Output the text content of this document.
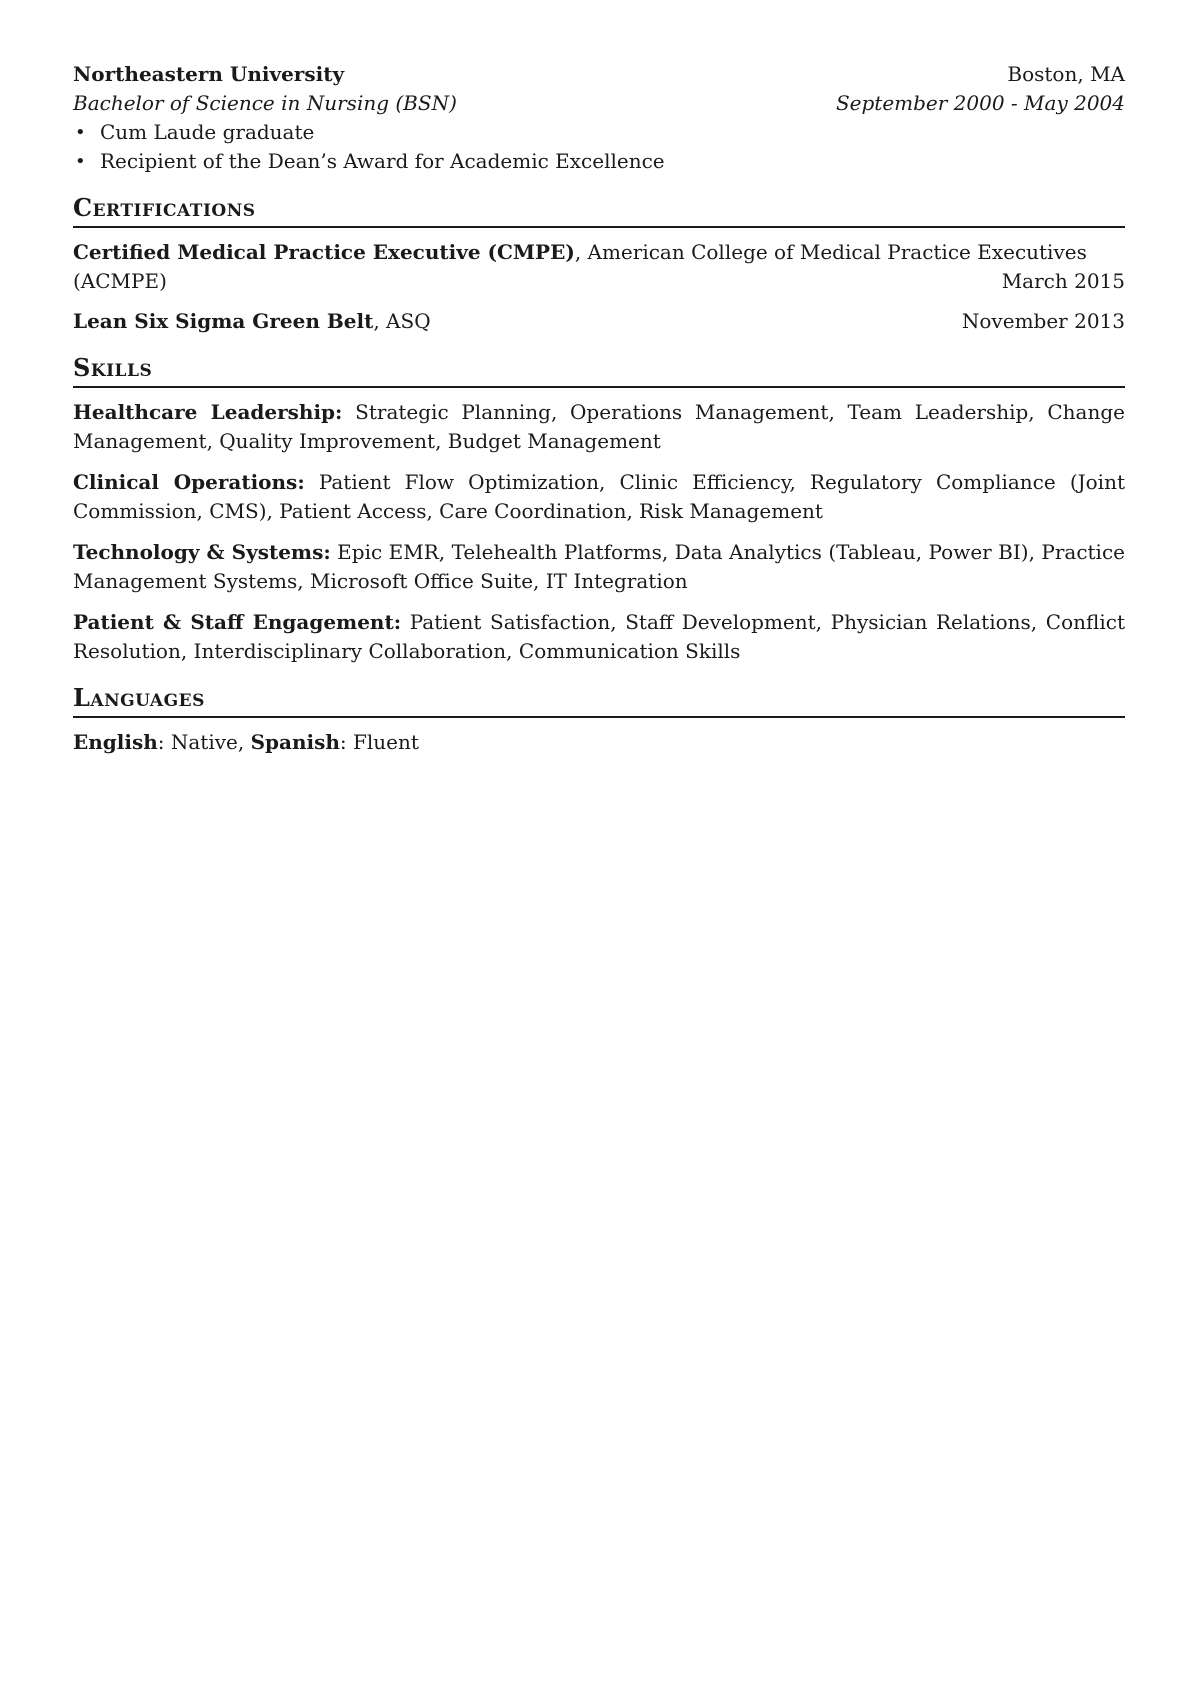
Northeastern University	Boston, MA
Bachelor of Science in Nursing (BSN)	September 2000 - May 2004
• Cum Laude graduate
• Recipient of the Dean’s Award for Academic Excellence
Certifications
Certified Medical Practice Executive (CMPE), American College of Medical Practice Executives
(ACMPE)	March 2015
Lean Six Sigma Green Belt, ASQ	November 2013
Skills
Healthcare Leadership: Strategic Planning, Operations Management, Team Leadership, Change Management, Quality Improvement, Budget Management
Clinical Operations: Patient Flow Optimization, Clinic Efficiency, Regulatory Compliance (Joint Commission, CMS), Patient Access, Care Coordination, Risk Management
Technology & Systems: Epic EMR, Telehealth Platforms, Data Analytics (Tableau, Power BI), Practice Management Systems, Microsoft Office Suite, IT Integration
Patient & Staff Engagement: Patient Satisfaction, Staff Development, Physician Relations, Conflict Resolution, Interdisciplinary Collaboration, Communication Skills
Languages
English: Native, Spanish: Fluent
